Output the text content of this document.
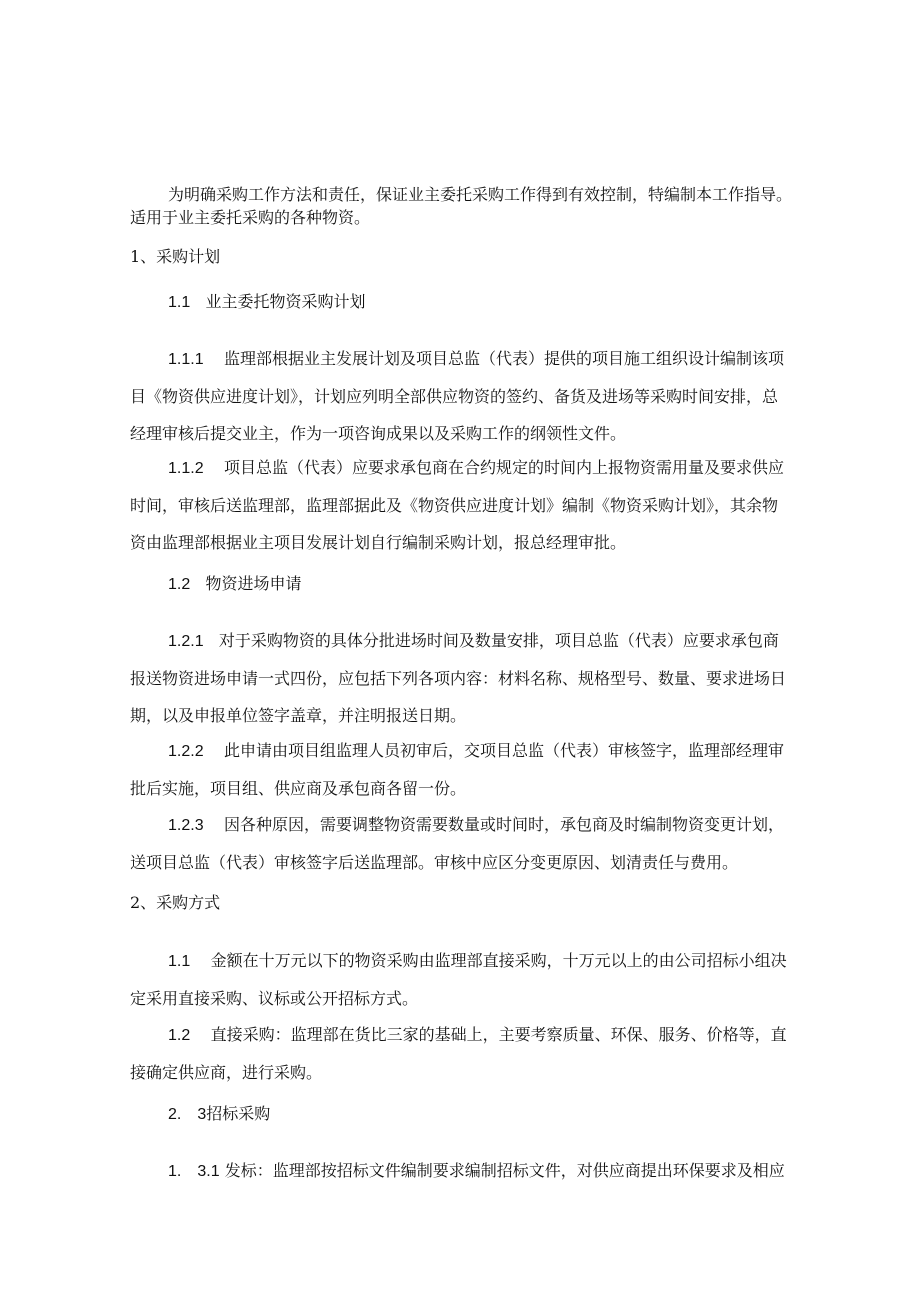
为明确采购工作方法和责任，保证业主委托采购工作得到有效控制，特编制本工作指导。
适用于业主委托采购的各种物资。
1、采购计划
1.1 业主委托物资采购计划
1.1.1 监理部根据业主发展计划及项目总监（代表）提供的项目施工组织设计编制该项
目《物资供应进度计划》，计划应列明全部供应物资的签约、备货及进场等采购时间安排，总
经理审核后提交业主，作为一项咨询成果以及采购工作的纲领性文件。
1.1.2 项目总监（代表）应要求承包商在合约规定的时间内上报物资需用量及要求供应
时间，审核后送监理部，监理部据此及《物资供应进度计划》编制《物资采购计划》，其余物
资由监理部根据业主项目发展计划自行编制采购计划，报总经理审批。
1.2 物资进场申请
1.2.1 对于采购物资的具体分批进场时间及数量安排，项目总监（代表）应要求承包商
报送物资进场申请一式四份，应包括下列各项内容：材料名称、规格型号、数量、要求进场日
期，以及申报单位签字盖章，并注明报送日期。
1.2.2 此申请由项目组监理人员初审后，交项目总监（代表）审核签字，监理部经理审
批后实施，项目组、供应商及承包商各留一份。
1.2.3 因各种原因，需要调整物资需要数量或时间时，承包商及时编制物资变更计划，
送项目总监（代表）审核签字后送监理部。审核中应区分变更原因、划清责任与费用。
2、采购方式
1.1 金额在十万元以下的物资采购由监理部直接采购，十万元以上的由公司招标小组决
定采用直接采购、议标或公开招标方式。
1.2 直接采购：监理部在货比三家的基础上，主要考察质量、环保、服务、价格等，直
接确定供应商，进行采购。
2.　3招标采购
1.　3.1 发标：监理部按招标文件编制要求编制招标文件，对供应商提出环保要求及相应
